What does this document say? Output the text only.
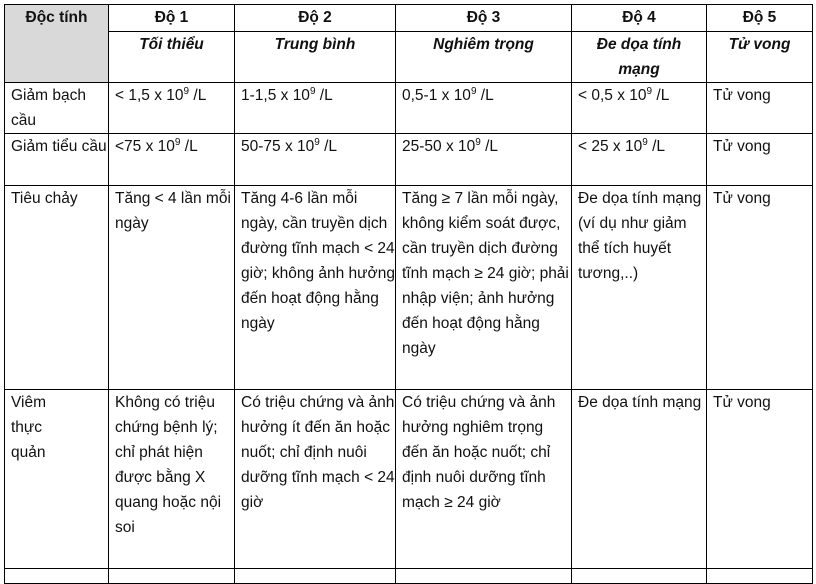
Độc tính	Độ 1	Độ 2	Độ 3	Độ 4	Độ 5
	Tối thiểu	Trung bình	Nghiêm trọng	Đe dọa tính mạng	Tử vong
Giảm bạch cầu	< 1,5 x $10^9$ /L	1-1,5 x $10^9$ /L	0,5-1 x $10^9$ /L	< 0,5 x $10^9$ /L	Tử vong
Giảm tiểu cầu	<75 x $10^9$ /L	50-75 x $10^9$ /L	25-50 x $10^9$ /L	< 25 x $10^9$ /L	Tử vong
Tiêu chảy	Tăng < 4 lần mỗi ngày	Tăng 4-6 lần mỗi ngày, cần truyền dịch đường tĩnh mạch < 24 giờ; không ảnh hưởng đến hoạt động hằng ngày	Tăng ≥ 7 lần mỗi ngày, không kiểm soát được, cần truyền dịch đường tĩnh mạch ≥ 24 giờ; phải nhập viện; ảnh hưởng đến hoạt động hằng ngày	Đe dọa tính mạng (ví dụ như giảm thể tích huyết tương,..)	Tử vong
Viêm thực quản	Không có triệu chứng bệnh lý; chỉ phát hiện được bằng X quang hoặc nội soi	Có triệu chứng và ảnh hưởng ít đến ăn hoặc nuốt; chỉ định nuôi dưỡng tĩnh mạch < 24 giờ	Có triệu chứng và ảnh hưởng nghiêm trọng đến ăn hoặc nuốt; chỉ định nuôi dưỡng tĩnh mạch ≥ 24 giờ	Đe dọa tính mạng	Tử vong
